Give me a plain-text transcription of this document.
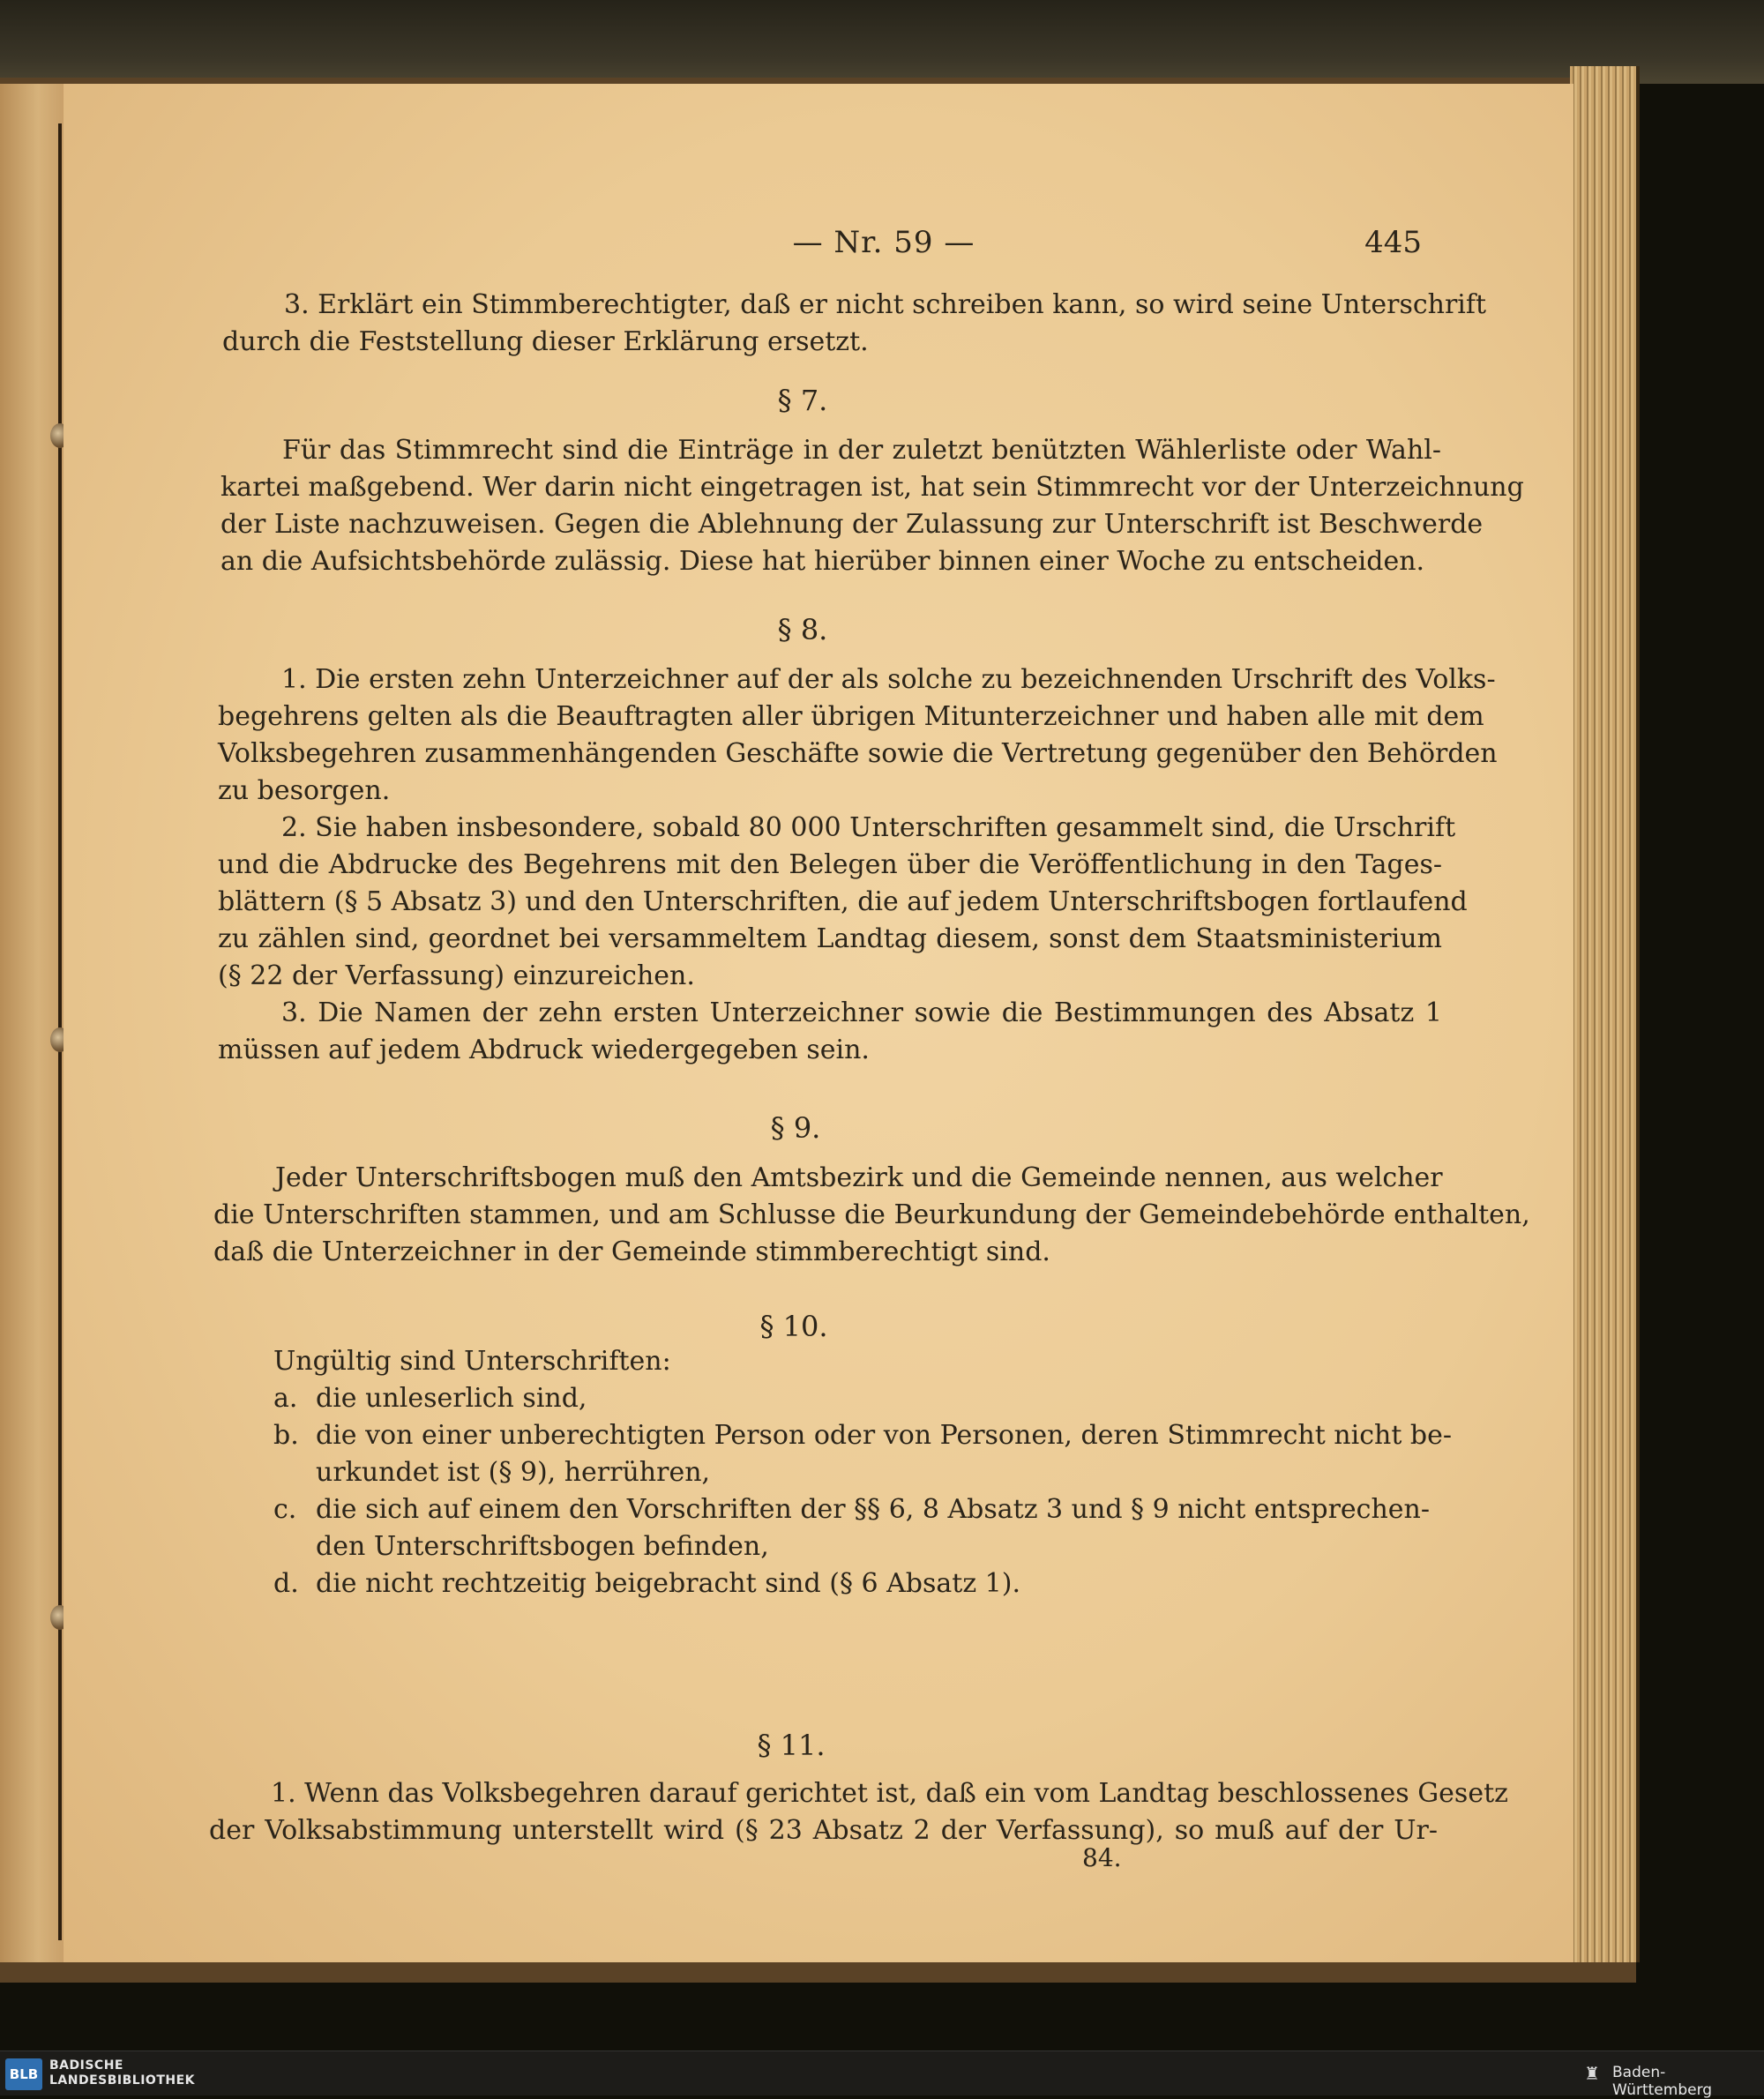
— Nr. 59 —	445

3. Erklärt ein Stimmberechtigter, daß er nicht schreiben kann, so wird seine Unterschrift

durch die Feststellung dieser Erklärung ersetzt.

§ 7.

Für das Stimmrecht sind die Einträge in der zuletzt benützten Wählerliste oder Wahl-

kartei maßgebend. Wer darin nicht eingetragen ist, hat sein Stimmrecht vor der Unterzeichnung

der Liste nachzuweisen. Gegen die Ablehnung der Zulassung zur Unterschrift ist Beschwerde

an die Aufsichtsbehörde zulässig. Diese hat hierüber binnen einer Woche zu entscheiden.

§ 8.

1. Die ersten zehn Unterzeichner auf der als solche zu bezeichnenden Urschrift des Volks-

begehrens gelten als die Beauftragten aller übrigen Mitunterzeichner und haben alle mit dem

Volksbegehren zusammenhängenden Geschäfte sowie die Vertretung gegenüber den Behörden

zu besorgen.

2. Sie haben insbesondere, sobald 80 000 Unterschriften gesammelt sind, die Urschrift

und die Abdrucke des Begehrens mit den Belegen über die Veröffentlichung in den Tages-

blättern (§ 5 Absatz 3) und den Unterschriften, die auf jedem Unterschriftsbogen fortlaufend

zu zählen sind, geordnet bei versammeltem Landtag diesem, sonst dem Staatsministerium

(§ 22 der Verfassung) einzureichen.

3. Die Namen der zehn ersten Unterzeichner sowie die Bestimmungen des Absatz 1

müssen auf jedem Abdruck wiedergegeben sein.

§ 9.

Jeder Unterschriftsbogen muß den Amtsbezirk und die Gemeinde nennen, aus welcher

die Unterschriften stammen, und am Schlusse die Beurkundung der Gemeindebehörde enthalten,

daß die Unterzeichner in der Gemeinde stimmberechtigt sind.

§ 10.
Ungültig sind Unterschriften:
a. die unleserlich sind,
b. die von einer unberechtigten Person oder von Personen, deren Stimmrecht nicht be-
urkundet ist (§ 9), herrühren,
c. die sich auf einem den Vorschriften der §§ 6, 8 Absatz 3 und § 9 nicht entsprechen-
den Unterschriftsbogen befinden,
d. die nicht rechtzeitig beigebracht sind (§ 6 Absatz 1).
§ 11.

1. Wenn das Volksbegehren darauf gerichtet ist, daß ein vom Landtag beschlossenes Gesetz

der Volksabstimmung unterstellt wird (§ 23 Absatz 2 der Verfassung), so muß auf der Ur-

84.
BLB
BADISCHE
LANDESBIBLIOTHEK	♜ Baden-Württemberg
